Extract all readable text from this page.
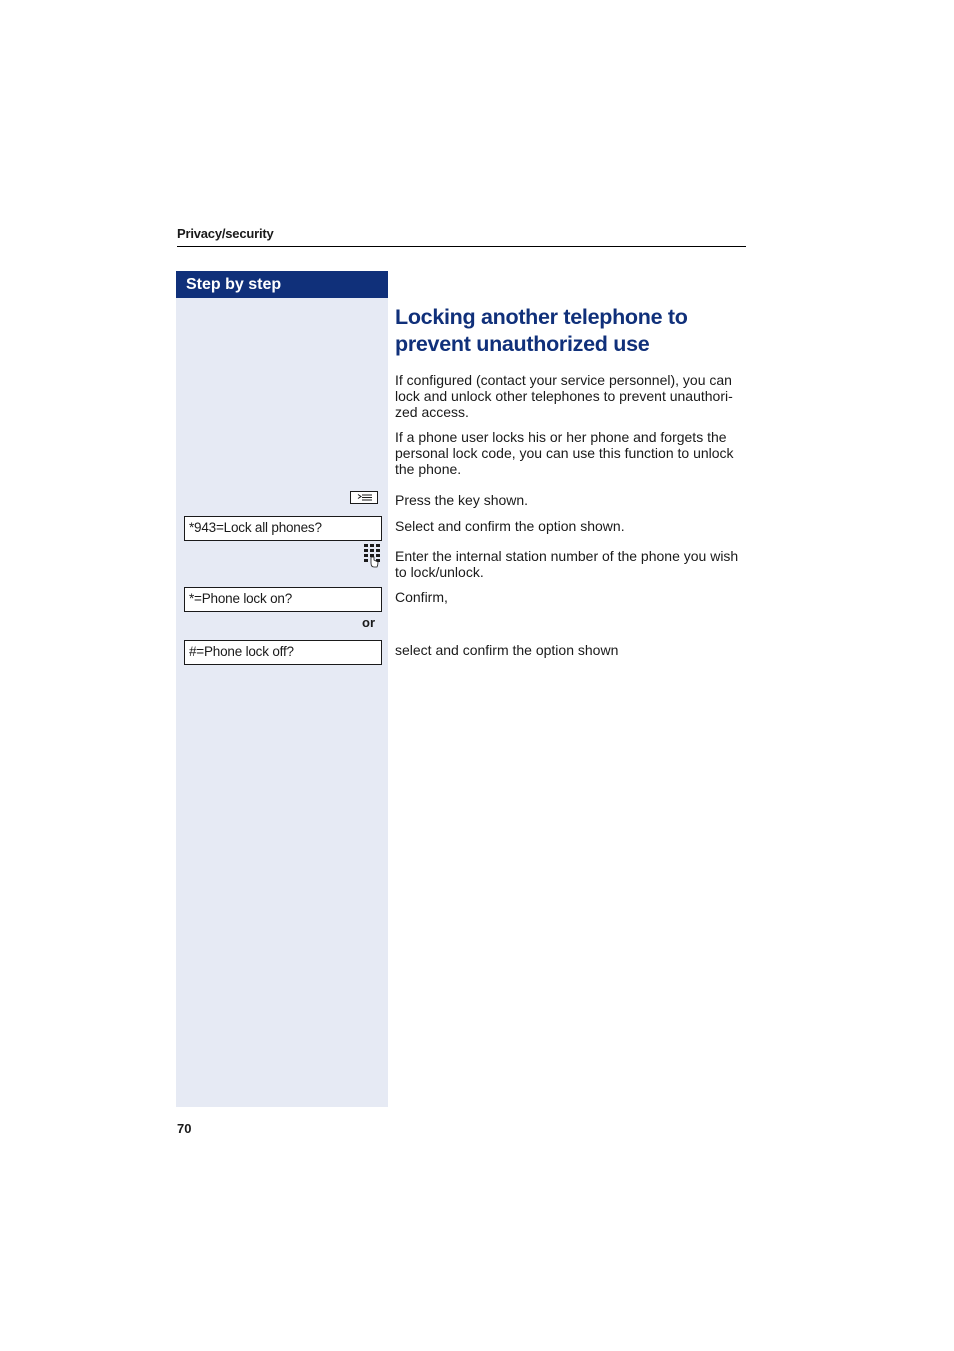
Privacy/security
Step by step
Locking another telephone to prevent unauthorized use
If configured (contact your service personnel), you can lock and unlock other telephones to prevent unauthori-zed access.
If a phone user locks his or her phone and forgets the personal lock code, you can use this function to unlock the phone.
Press the key shown.
*943=Lock all phones?	Select and confirm the option shown.
Enter the internal station number of the phone you wish to lock/unlock.
*=Phone lock on?	Confirm,
or
#=Phone lock off?	select and confirm the option shown
70
